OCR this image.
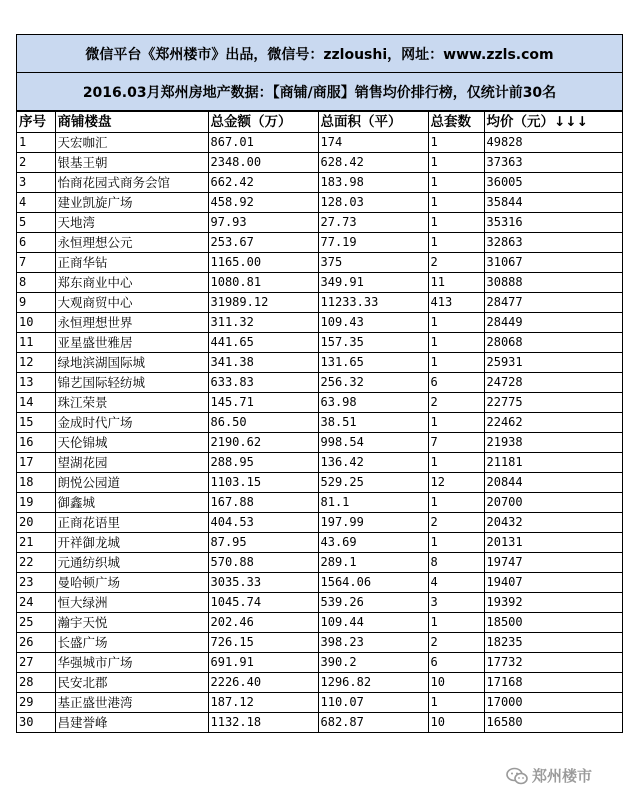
微信平台《郑州楼市》出品，微信号：zzloushi，网址：www.zzls.com
2016.03月郑州房地产数据：【商铺/商服】销售均价排行榜，仅统计前30名
序号	商铺楼盘	总金额（万）	总面积（平）	总套数	均价（元）↓↓↓
1	天宏咖汇	867.01	174	1	49828
2	银基王朝	2348.00	628.42	1	37363
3	怡商花园式商务会馆	662.42	183.98	1	36005
4	建业凯旋广场	458.92	128.03	1	35844
5	天地湾	97.93	27.73	1	35316
6	永恒理想公元	253.67	77.19	1	32863
7	正商华钻	1165.00	375	2	31067
8	郑东商业中心	1080.81	349.91	11	30888
9	大观商贸中心	31989.12	11233.33	413	28477
10	永恒理想世界	311.32	109.43	1	28449
11	亚星盛世雅居	441.65	157.35	1	28068
12	绿地滨湖国际城	341.38	131.65	1	25931
13	锦艺国际轻纺城	633.83	256.32	6	24728
14	珠江荣景	145.71	63.98	2	22775
15	金成时代广场	86.50	38.51	1	22462
16	天伦锦城	2190.62	998.54	7	21938
17	望湖花园	288.95	136.42	1	21181
18	朗悦公园道	1103.15	529.25	12	20844
19	御鑫城	167.88	81.1	1	20700
20	正商花语里	404.53	197.99	2	20432
21	开祥御龙城	87.95	43.69	1	20131
22	元通纺织城	570.88	289.1	8	19747
23	曼哈顿广场	3035.33	1564.06	4	19407
24	恒大绿洲	1045.74	539.26	3	19392
25	瀚宇天悦	202.46	109.44	1	18500
26	长盛广场	726.15	398.23	2	18235
27	华强城市广场	691.91	390.2	6	17732
28	民安北郡	2226.40	1296.82	10	17168
29	基正盛世港湾	187.12	110.07	1	17000
30	昌建誉峰	1132.18	682.87	10	16580
郑州楼市
